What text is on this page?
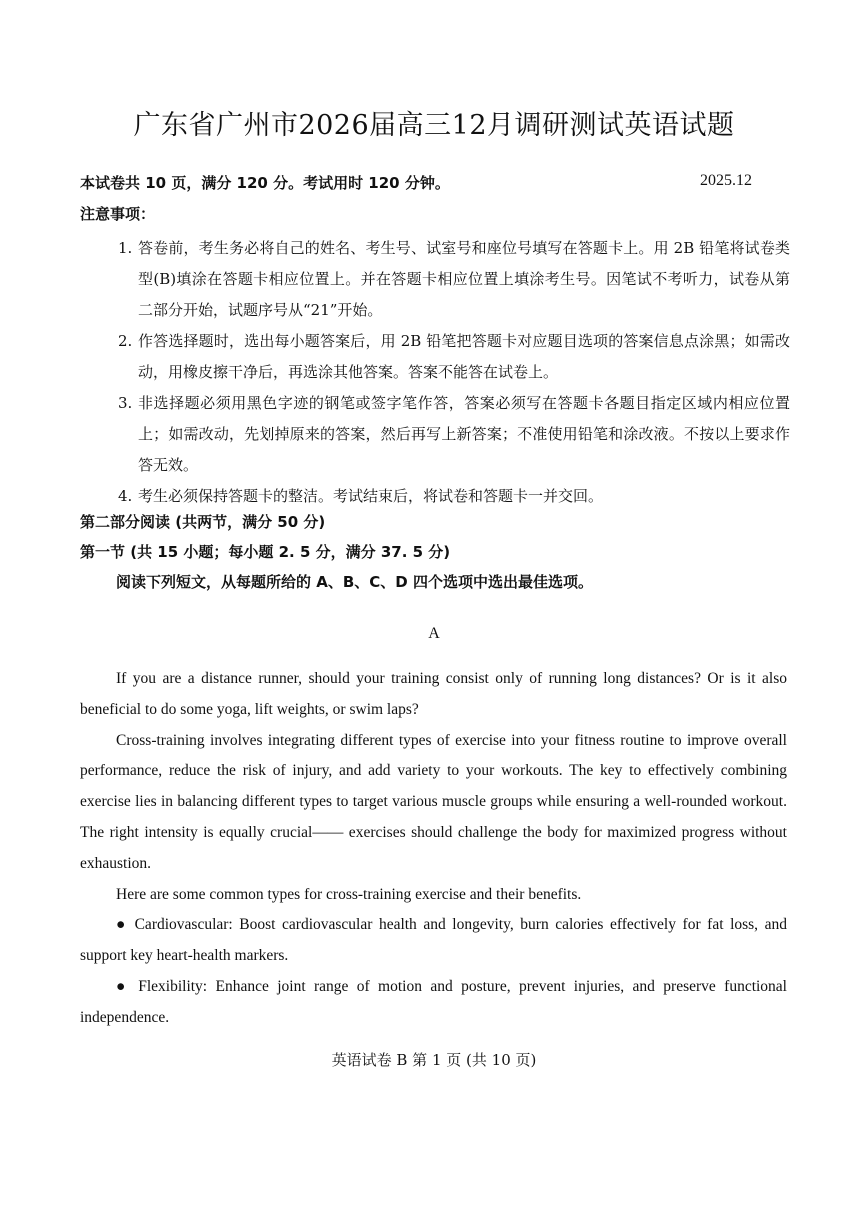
广东省广州市2026届高三12月调研测试英语试题
本试卷共 10 页，满分 120 分。考试用时 120 分钟。	2025.12
注意事项：
1. 答卷前，考生务必将自己的姓名、考生号、试室号和座位号填写在答题卡上。用 2B 铅笔将试卷类型(B)填涂在答题卡相应位置上。并在答题卡相应位置上填涂考生号。因笔试不考听力，试卷从第二部分开始，试题序号从“21”开始。
2. 作答选择题时，选出每小题答案后，用 2B 铅笔把答题卡对应题目选项的答案信息点涂黑；如需改动，用橡皮擦干净后，再选涂其他答案。答案不能答在试卷上。
3. 非选择题必须用黑色字迹的钢笔或签字笔作答，答案必须写在答题卡各题目指定区域内相应位置上；如需改动，先划掉原来的答案，然后再写上新答案；不准使用铅笔和涂改液。不按以上要求作答无效。
4. 考生必须保持答题卡的整洁。考试结束后，将试卷和答题卡一并交回。
第二部分阅读 (共两节，满分 50 分)
第一节 (共 15 小题；每小题 2. 5 分，满分 37. 5 分)
阅读下列短文，从每题所给的 A、B、C、D 四个选项中选出最佳选项。
A

If you are a distance runner, should your training consist only of running long distances? Or is it also beneficial to do some yoga, lift weights, or swim laps?

Cross-training involves integrating different types of exercise into your fitness routine to improve overall performance, reduce the risk of injury, and add variety to your workouts. The key to effectively combining exercise lies in balancing different types to target various muscle groups while ensuring a well-rounded workout. The right intensity is equally crucial—— exercises should challenge the body for maximized progress without exhaustion.

Here are some common types for cross-training exercise and their benefits.

● Cardiovascular: Boost cardiovascular health and longevity, burn calories effectively for fat loss, and support key heart-health markers.

● Flexibility: Enhance joint range of motion and posture, prevent injuries, and preserve functional independence.

英语试卷 B 第 1 页 (共 10 页)
